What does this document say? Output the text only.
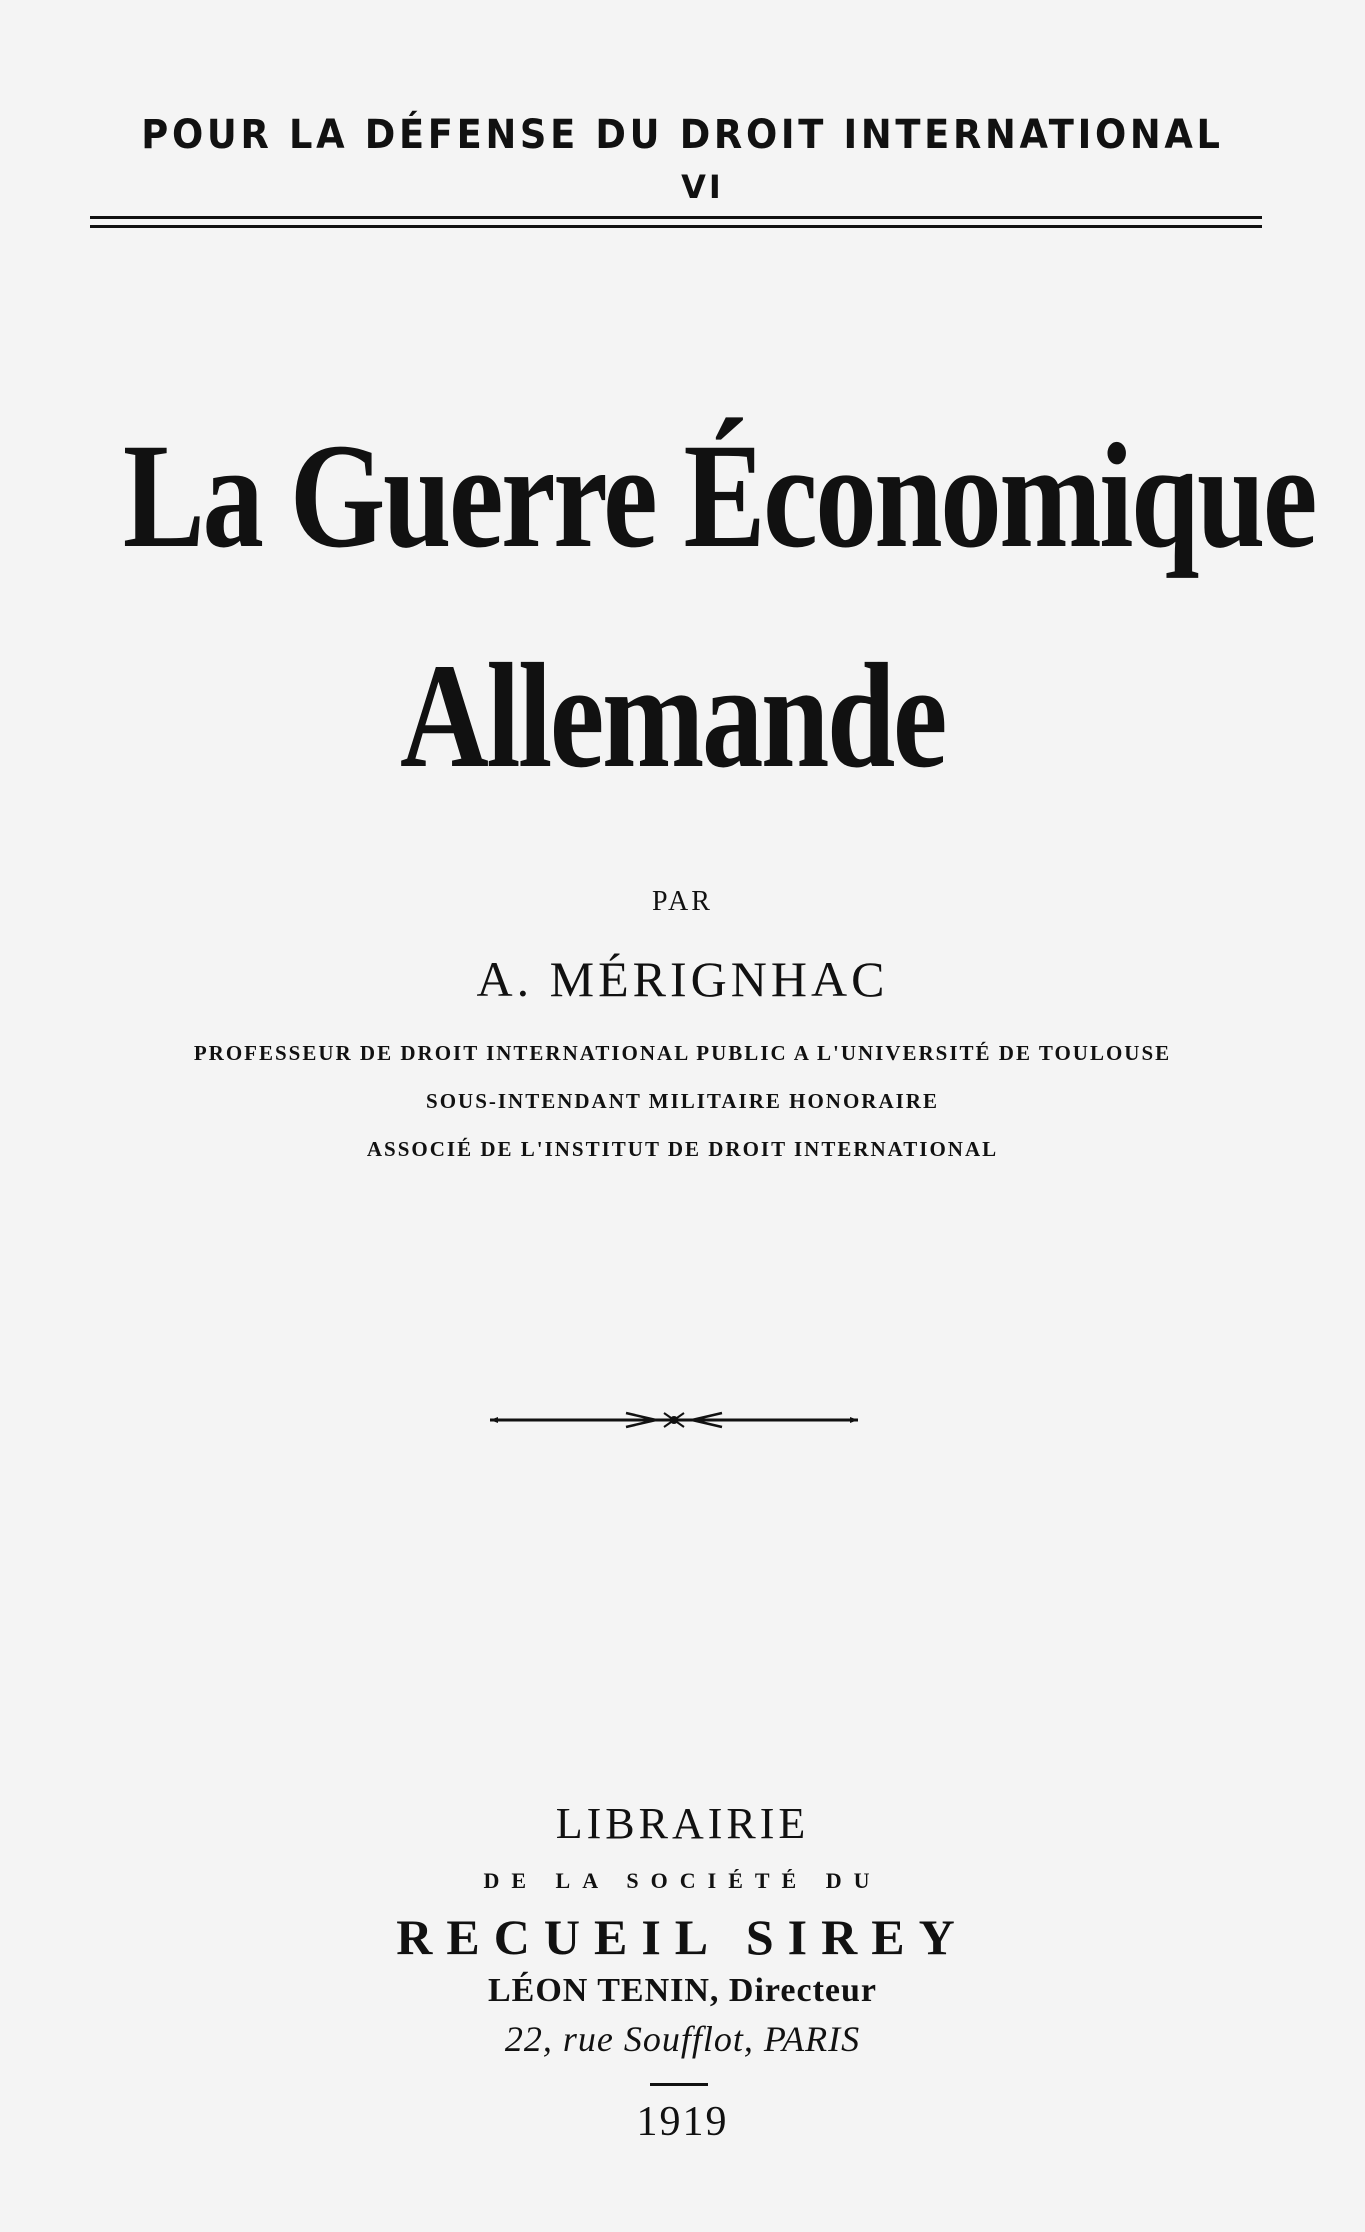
POUR LA DÉFENSE DU DROIT INTERNATIONAL
VI
La Guerre Économique
Allemande
PAR
A. MÉRIGNHAC
PROFESSEUR DE DROIT INTERNATIONAL PUBLIC A L'UNIVERSITÉ DE TOULOUSE
SOUS-INTENDANT MILITAIRE HONORAIRE
ASSOCIÉ DE L'INSTITUT DE DROIT INTERNATIONAL
LIBRAIRIE
DE LA SOCIÉTÉ DU
RECUEIL SIREY
LÉON TENIN, Directeur
22, rue Soufflot, PARIS
1919
